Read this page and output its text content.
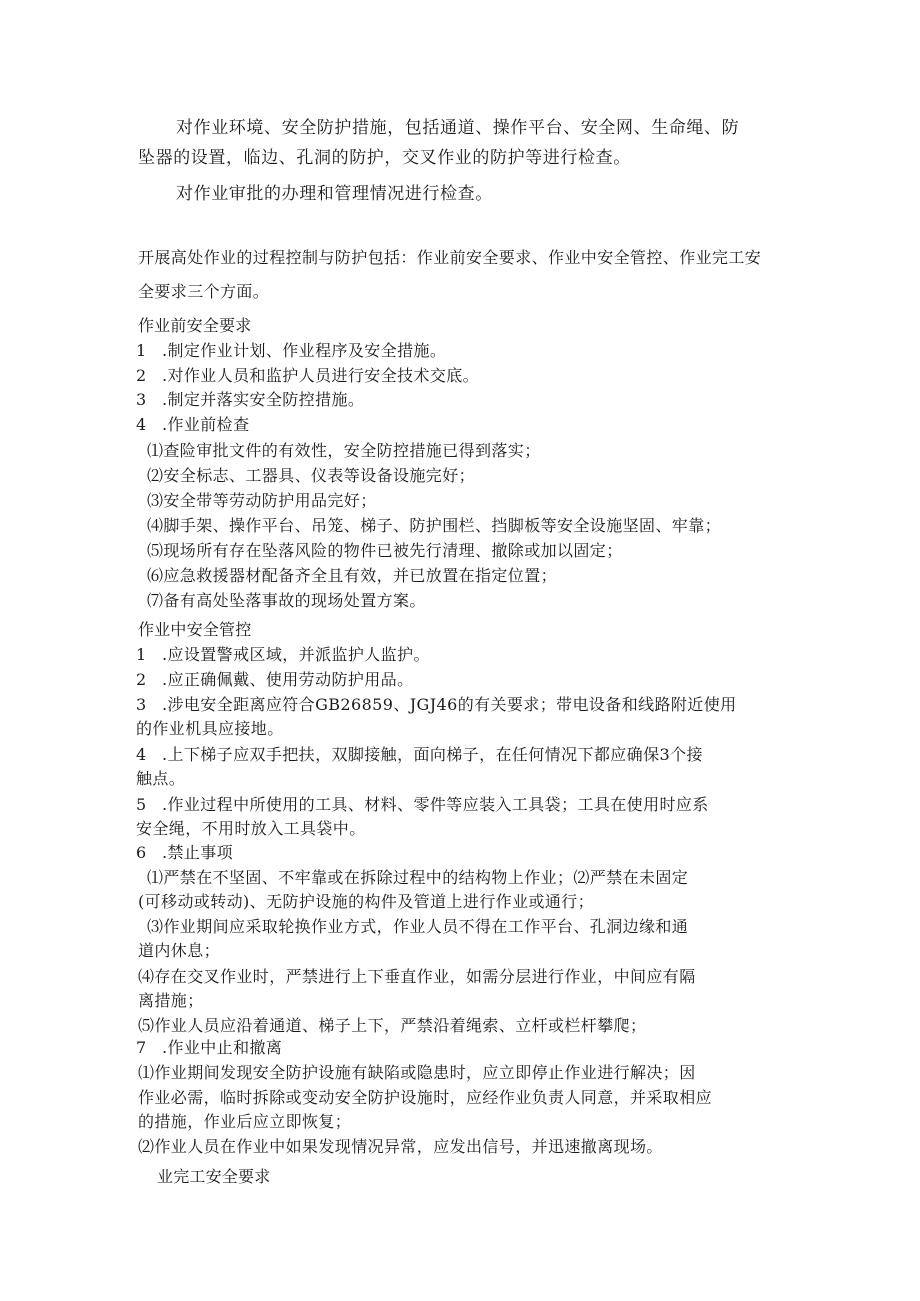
对作业环境、安全防护措施，包括通道、操作平台、安全网、生命绳、防
坠器的设置，临边、孔洞的防护，交叉作业的防护等进行检查。
对作业审批的办理和管理情况进行检查。
开展高处作业的过程控制与防护包括：作业前安全要求、作业中安全管控、作业完工安
全要求三个方面。
作业前安全要求
1 .制定作业计划、作业程序及安全措施。
2 .对作业人员和监护人员进行安全技术交底。
3 .制定并落实安全防控措施。
4 .作业前检查
⑴查险审批文件的有效性，安全防控措施已得到落实；
⑵安全标志、工器具、仪表等设备设施完好；
⑶安全带等劳动防护用品完好；
⑷脚手架、操作平台、吊笼、梯子、防护围栏、挡脚板等安全设施坚固、牢靠；
⑸现场所有存在坠落风险的物件已被先行清理、撤除或加以固定；
⑹应急救援器材配备齐全且有效，并已放置在指定位置；
⑺备有高处坠落事故的现场处置方案。
作业中安全管控
1 .应设置警戒区域，并派监护人监护。
2 .应正确佩戴、使用劳动防护用品。
3 .涉电安全距离应符合GB26859、JGJ46的有关要求；带电设备和线路附近使用
的作业机具应接地。
4 .上下梯子应双手把扶，双脚接触，面向梯子，在任何情况下都应确保3个接
触点。
5 .作业过程中所使用的工具、材料、零件等应装入工具袋；工具在使用时应系
安全绳，不用时放入工具袋中。
6 .禁止事项
⑴严禁在不坚固、不牢靠或在拆除过程中的结构物上作业；⑵严禁在未固定
(可移动或转动)、无防护设施的构件及管道上进行作业或通行；
⑶作业期间应采取轮换作业方式，作业人员不得在工作平台、孔洞边缘和通
道内休息；
⑷存在交叉作业时，严禁进行上下垂直作业，如需分层进行作业，中间应有隔
离措施；
⑸作业人员应沿着通道、梯子上下，严禁沿着绳索、立杆或栏杆攀爬；
7 .作业中止和撤离
⑴作业期间发现安全防护设施有缺陷或隐患时，应立即停止作业进行解决；因
作业必需，临时拆除或变动安全防护设施时，应经作业负责人同意，并采取相应
的措施，作业后应立即恢复；
⑵作业人员在作业中如果发现情况异常，应发出信号，并迅速撤离现场。
业完工安全要求
